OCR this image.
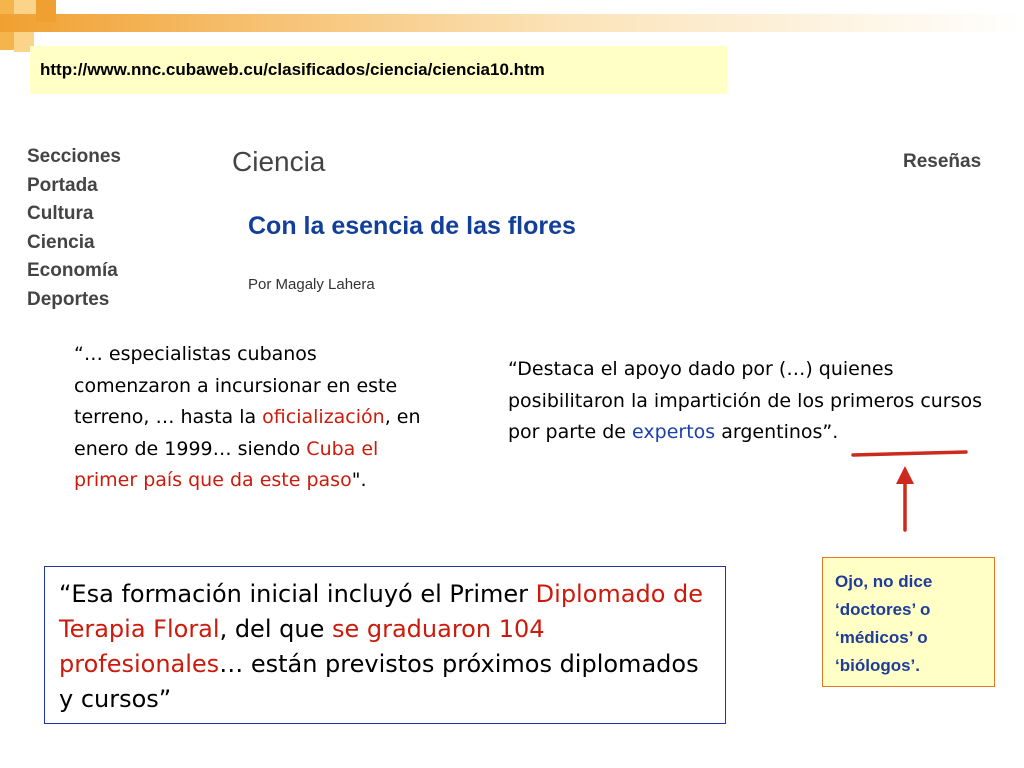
http://www.nnc.cubaweb.cu/clasificados/ciencia/ciencia10.htm
Secciones
Portada
Cultura
Ciencia
Economía
Deportes
Ciencia	Reseñas
Con la esencia de las flores
Por Magaly Lahera
“… especialistas cubanos comenzaron a incursionar en este terreno, … hasta la oficialización, en enero de 1999… siendo Cuba el primer país que da este paso".
“Destaca el apoyo dado por (…) quienes posibilitaron la impartición de los primeros cursos por parte de expertos argentinos”.
“Esa formación inicial incluyó el Primer Diplomado de Terapia Floral, del que se graduaron 104 profesionales… están previstos próximos diplomados y cursos”
Ojo, no dice ‘doctores’ o ‘médicos’ o ‘biólogos’.
